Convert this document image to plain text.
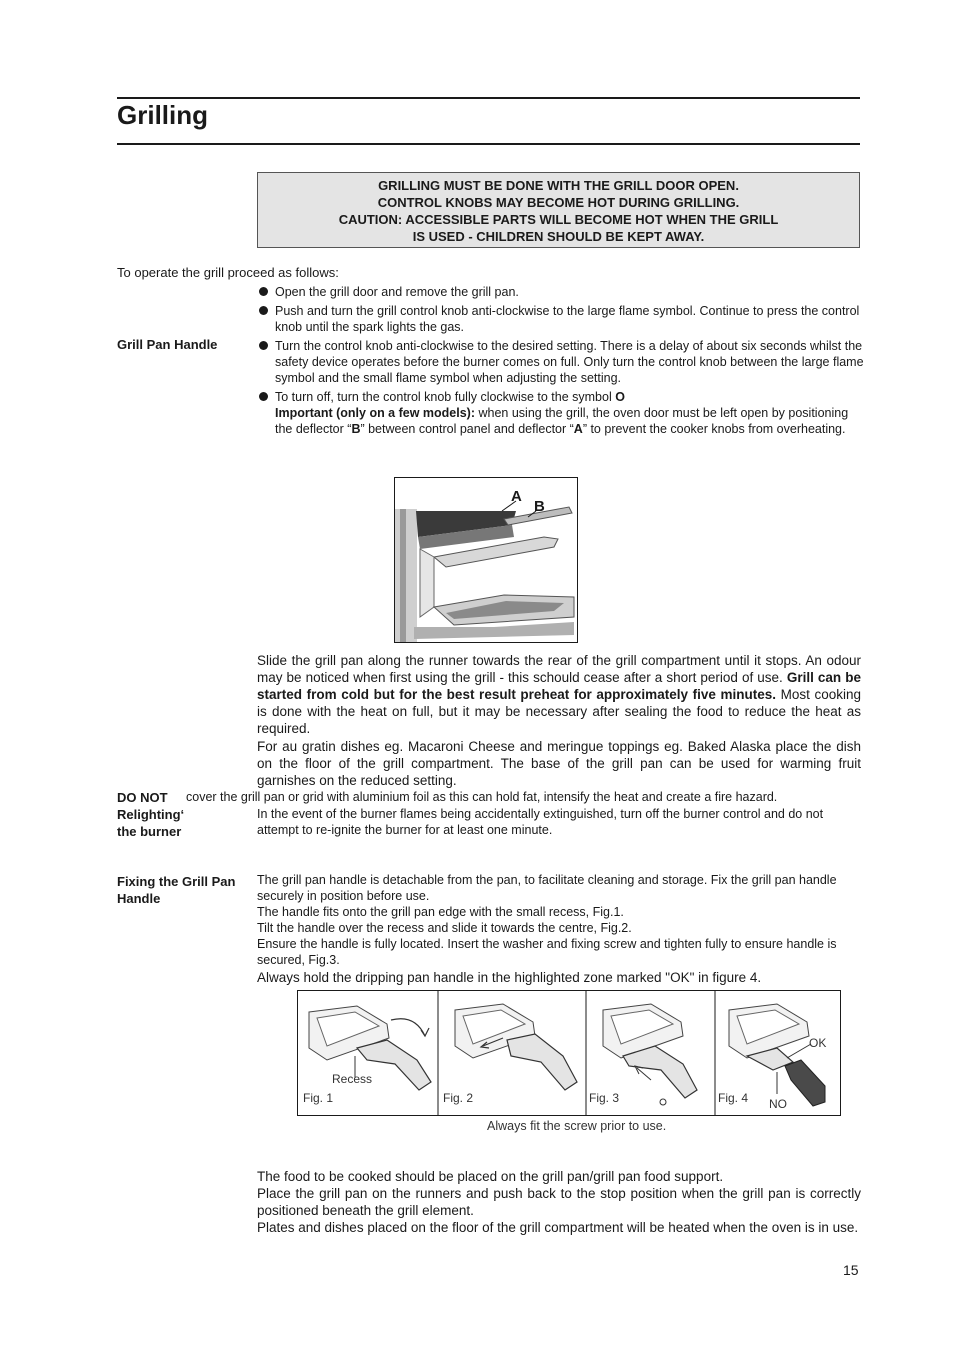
Grilling
GRILLING MUST BE DONE WITH THE GRILL DOOR OPEN.
CONTROL KNOBS MAY BECOME HOT DURING GRILLING.
CAUTION: ACCESSIBLE PARTS WILL BECOME HOT WHEN THE GRILL
IS USED - CHILDREN SHOULD BE KEPT AWAY.
To operate the grill proceed as follows:
Grill Pan Handle
Open the grill door and remove the grill pan.
Push and turn the grill control knob anti-clockwise to the large flame symbol. Continue to press the control knob until the spark lights the gas.
Turn the control knob anti-clockwise to the desired setting. There is a delay of about six seconds whilst the safety device operates before the burner comes on full. Only turn the control knob between the large flame symbol and the small flame symbol when adjusting the setting.
To turn off, turn the control knob fully clockwise to the symbol O
Important (only on a few models): when using the grill, the oven door must be left open by positioning the deflector “B” between control panel and deflector “A” to prevent the cooker knobs from overheating.
A
B
Slide the grill pan along the runner towards the rear of the grill compartment until it stops. An odour may be noticed when first using the grill - this schould cease after a short period of use. Grill can be started from cold but for the best result preheat for approximately five minutes. Most cooking is done with the heat on full, but it may be necessary after sealing the food to reduce the heat as required.
For au gratin dishes eg. Macaroni Cheese and meringue toppings eg. Baked Alaska place the dish on the floor of the grill compartment. The base of the grill pan can be used for warming fruit garnishes on the reduced setting.
DO NOT cover the grill pan or grid with aluminium foil as this can hold fat, intensify the heat and create a fire hazard.
Relighting‘
the burner
In the event of the burner flames being accidentally extinguished, turn off the burner control and do not attempt to re-ignite the burner for at least one minute.
Fixing the Grill Pan
Handle
The grill pan handle is detachable from the pan, to facilitate cleaning and storage. Fix the grill pan handle securely in position before use.
The handle fits onto the grill pan edge with the small recess, Fig.1.
Tilt the handle over the recess and slide it towards the centre, Fig.2.
Ensure the handle is fully located. Insert the washer and fixing screw and tighten fully to ensure handle is secured, Fig.3.
Always hold the dripping pan handle in the highlighted zone marked "OK" in figure 4.
Recess
Fig. 1	Fig. 2	Fig. 3
OK
NO
Fig. 4
Always fit the screw prior to use.
The food to be cooked should be placed on the grill pan/grill pan food support.
Place the grill pan on the runners and push back to the stop position when the grill pan is correctly positioned beneath the grill element.
Plates and dishes placed on the floor of the grill compartment will be heated when the oven is in use.
15
